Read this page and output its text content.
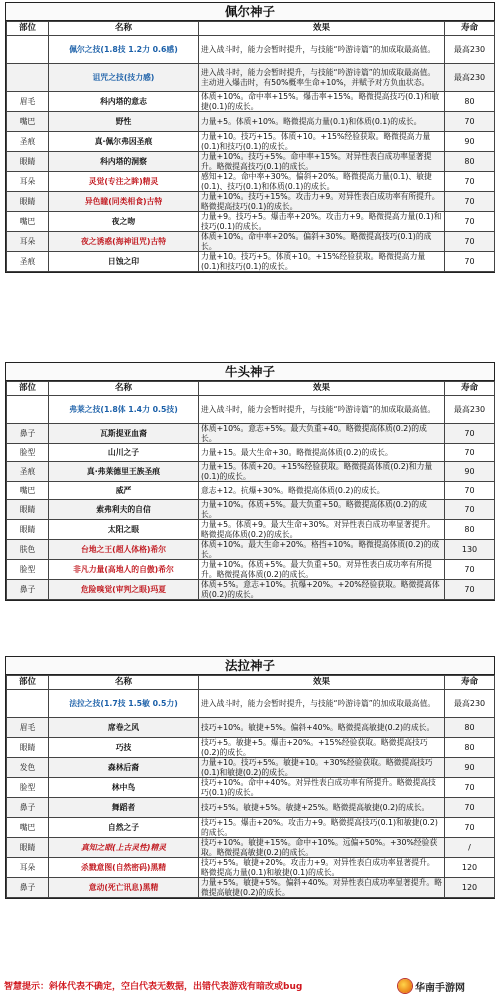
佩尔神子
部位	名称	效果	寿命
	佩尔之技(1.8技 1.2力 0.6感)	进入战斗时，能力会暂时提升，与技能“吟游诗篇”的加成取最高值。	最高230
	诅咒之技(技力感)	进入战斗时，能力会暂时提升，与技能“吟游诗篇”的加成取最高值。主动进入爆击时，有50%概率生命+10%，并赋予对方负血状态。	最高230
眉毛	科内塔的意志	体质+10%。命中率+15%。爆击率+15%。略微提高技巧(0.1)和敏捷(0.1)的成长。	80
嘴巴	野性	力量+5。体质+10%。略微提高力量(0.1)和体质(0.1)的成长。	70
圣痕	真·佩尔弗因圣痕	力量+10。技巧+15。体质+10。+15%经验获取。略微提高力量(0.1)和技巧(0.1)的成长。	90
眼睛	科内塔的洞察	力量+10%。技巧+5%。命中率+15%。对异性表白成功率显著提升。略微提高技巧(0.1)的成长。	80
耳朵	灵觉(专注之眸)精灵	感知+12。命中率+30%。偏斜+20%。略微提高力量(0.1)、敏捷(0.1)、技巧(0.1)和体质(0.1)的成长。	70
眼睛	异色瞳(同类相食)古特	力量+10%。技巧+15%。攻击力+9。对异性表白成功率有所提升。略微提高技巧(0.1)的成长。	70
嘴巴	夜之吻	力量+9。技巧+5。爆击率+20%。攻击力+9。略微提高力量(0.1)和技巧(0.1)的成长。	70
耳朵	夜之诱惑(海神诅咒)古特	体质+10%。命中率+20%。偏斜+30%。略微提高技巧(0.1)的成长。	70
圣痕	日蚀之印	力量+10。技巧+5。体质+10。+15%经验获取。略微提高力量(0.1)和技巧(0.1)的成长。	70
牛头神子
部位	名称	效果	寿命
	弗莱之技(1.8体 1.4力 0.5技)	进入战斗时，能力会暂时提升，与技能“吟游诗篇”的加成取最高值。	最高230
鼻子	瓦斯提亚血裔	体质+10%。意志+5%。最大负重+40。略微提高体质(0.2)的成长。	70
脸型	山川之子	力量+15。最大生命+30。略微提高体质(0.2)的成长。	70
圣痕	真·弗莱德里王族圣痕	力量+15。体质+20。+15%经验获取。略微提高体质(0.2)和力量(0.1)的成长。	90
嘴巴	威严	意志+12。抗爆+30%。略微提高体质(0.2)的成长。	70
眼睛	索弗利夫的自信	力量+10%。体质+5%。最大负重+50。略微提高体质(0.2)的成长。	70
眼睛	太阳之眼	力量+5。体质+9。最大生命+30%。对异性表白成功率显著提升。略微提高体质(0.2)的成长。	80
肤色	台地之王(超人体格)希尔	体质+10%。最大生命+20%。格挡+10%。略微提高体质(0.2)的成长。	130
脸型	非凡力量(高地人的自傲)希尔	力量+10%。体质+5%。最大负重+50。对异性表白成功率有所提升。略微提高体质(0.2)的成长。	70
鼻子	危险嗅觉(审判之眼)玛夏	体质+5%。意志+10%。抗爆+20%。+20%经验获取。略微提高体质(0.2)的成长。	70
法拉神子
部位	名称	效果	寿命
	法拉之技(1.7技 1.5敏 0.5力)	进入战斗时，能力会暂时提升，与技能“吟游诗篇”的加成取最高值。	最高230
眉毛	席卷之风	技巧+10%。敏捷+5%。偏斜+40%。略微提高敏捷(0.2)的成长。	80
眼睛	巧技	技巧+5。敏捷+5。爆击+20%。+15%经验获取。略微提高技巧(0.2)的成长。	80
发色	森林后裔	力量+10。技巧+5%。敏捷+10。+30%经验获取。略微提高技巧(0.1)和敏捷(0.2)的成长。	90
脸型	林中鸟	技巧+10%。命中+40%。对异性表白成功率有所提升。略微提高技巧(0.1)的成长。	70
鼻子	舞蹈者	技巧+5%。敏捷+5%。敏捷+25%。略微提高敏捷(0.2)的成长。	70
嘴巴	自然之子	技巧+15。爆击+20%。攻击力+9。略微提高技巧(0.1)和敏捷(0.2)的成长。	70
眼睛	真知之眼(上古灵性)精灵	技巧+10%。敏捷+15%。命中+10%。远偏+50%。+30%经验获取。略微提高敏捷(0.2)的成长。	/
耳朵	杀戮意图(自然密码)黑精	技巧+5%。敏捷+20%。攻击力+9。对异性表白成功率显著提升。略微提高力量(0.1)和敏捷(0.1)的成长。	120
鼻子	意动(死亡讯息)黑精	力量+5%。敏捷+5%。偏斜+40%。对异性表白成功率显著提升。略微提高敏捷(0.2)的成长。	120
智慧提示：斜体代表不确定，空白代表无数据，出错代表游戏有暗改或bug	华南手游网
